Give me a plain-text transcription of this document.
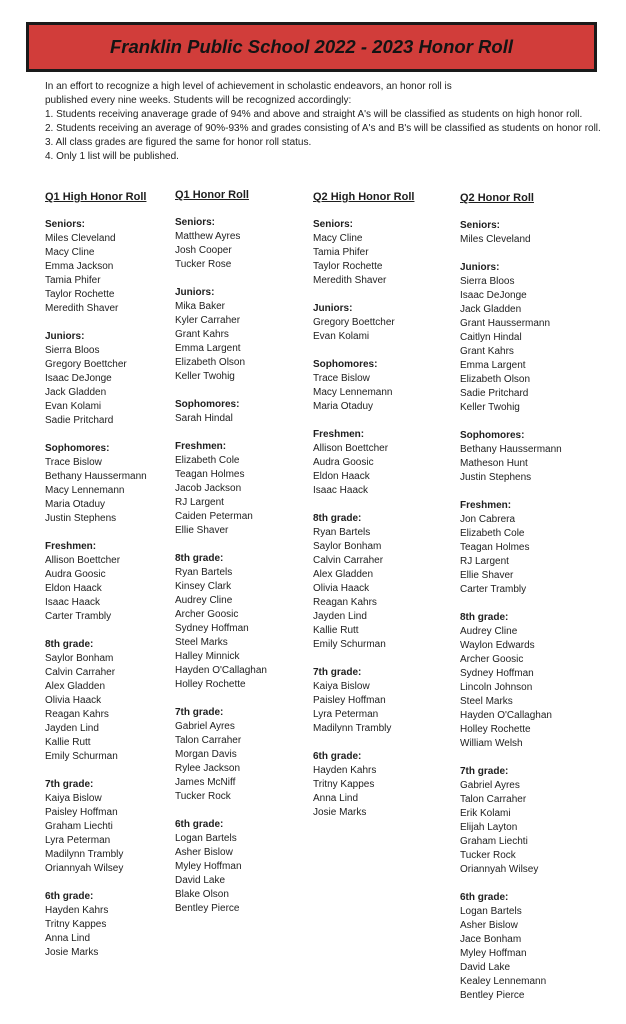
Franklin Public School 2022 - 2023 Honor Roll

In an effort to recognize a high level of achievement in scholastic endeavors, an honor roll is

published every nine weeks. Students will be recognized accordingly:

1. Students receiving anaverage grade of 94% and above and straight A's will be classified as students on high honor roll.

2. Students receiving an average of 90%-93% and grades consisting of A's and B's will be classified as students on honor roll.

3. All class grades are figured the same for honor roll status.

4. Only 1 list will be published.

Q1 High Honor Roll
Seniors:
Miles Cleveland
Macy Cline
Emma Jackson
Tamia Phifer
Taylor Rochette
Meredith Shaver
Juniors:
Sierra Bloos
Gregory Boettcher
Isaac DeJonge
Jack Gladden
Evan Kolami
Sadie Pritchard
Sophomores:
Trace Bislow
Bethany Haussermann
Macy Lennemann
Maria Otaduy
Justin Stephens
Freshmen:
Allison Boettcher
Audra Goosic
Eldon Haack
Isaac Haack
Carter Trambly
8th grade:
Saylor Bonham
Calvin Carraher
Alex Gladden
Olivia Haack
Reagan Kahrs
Jayden Lind
Kallie Rutt
Emily Schurman
7th grade:
Kaiya Bislow
Paisley Hoffman
Graham Liechti
Lyra Peterman
Madilynn Trambly
Oriannyah Wilsey
6th grade:
Hayden Kahrs
Tritny Kappes
Anna Lind
Josie Marks
Q1 Honor Roll
Seniors:
Matthew Ayres
Josh Cooper
Tucker Rose
Juniors:
Mika Baker
Kyler Carraher
Grant Kahrs
Emma Largent
Elizabeth Olson
Keller Twohig
Sophomores:
Sarah Hindal
Freshmen:
Elizabeth Cole
Teagan Holmes
Jacob Jackson
RJ Largent
Caiden Peterman
Ellie Shaver
8th grade:
Ryan Bartels
Kinsey Clark
Audrey Cline
Archer Goosic
Sydney Hoffman
Steel Marks
Halley Minnick
Hayden O'Callaghan
Holley Rochette
7th grade:
Gabriel Ayres
Talon Carraher
Morgan Davis
Rylee Jackson
James McNiff
Tucker Rock
6th grade:
Logan Bartels
Asher Bislow
Myley Hoffman
David Lake
Blake Olson
Bentley Pierce
Q2 High Honor Roll
Seniors:
Macy Cline
Tamia Phifer
Taylor Rochette
Meredith Shaver
Juniors:
Gregory Boettcher
Evan Kolami
Sophomores:
Trace Bislow
Macy Lennemann
Maria Otaduy
Freshmen:
Allison Boettcher
Audra Goosic
Eldon Haack
Isaac Haack
8th grade:
Ryan Bartels
Saylor Bonham
Calvin Carraher
Alex Gladden
Olivia Haack
Reagan Kahrs
Jayden Lind
Kallie Rutt
Emily Schurman
7th grade:
Kaiya Bislow
Paisley Hoffman
Lyra Peterman
Madilynn Trambly
6th grade:
Hayden Kahrs
Tritny Kappes
Anna Lind
Josie Marks
Q2 Honor Roll
Seniors:
Miles Cleveland
Juniors:
Sierra Bloos
Isaac DeJonge
Jack Gladden
Grant Haussermann
Caitlyn Hindal
Grant Kahrs
Emma Largent
Elizabeth Olson
Sadie Pritchard
Keller Twohig
Sophomores:
Bethany Haussermann
Matheson Hunt
Justin Stephens
Freshmen:
Jon Cabrera
Elizabeth Cole
Teagan Holmes
RJ Largent
Ellie Shaver
Carter Trambly
8th grade:
Audrey Cline
Waylon Edwards
Archer Goosic
Sydney Hoffman
Lincoln Johnson
Steel Marks
Hayden O'Callaghan
Holley Rochette
William Welsh
7th grade:
Gabriel Ayres
Talon Carraher
Erik Kolami
Elijah Layton
Graham Liechti
Tucker Rock
Oriannyah Wilsey
6th grade:
Logan Bartels
Asher Bislow
Jace Bonham
Myley Hoffman
David Lake
Kealey Lennemann
Bentley Pierce
